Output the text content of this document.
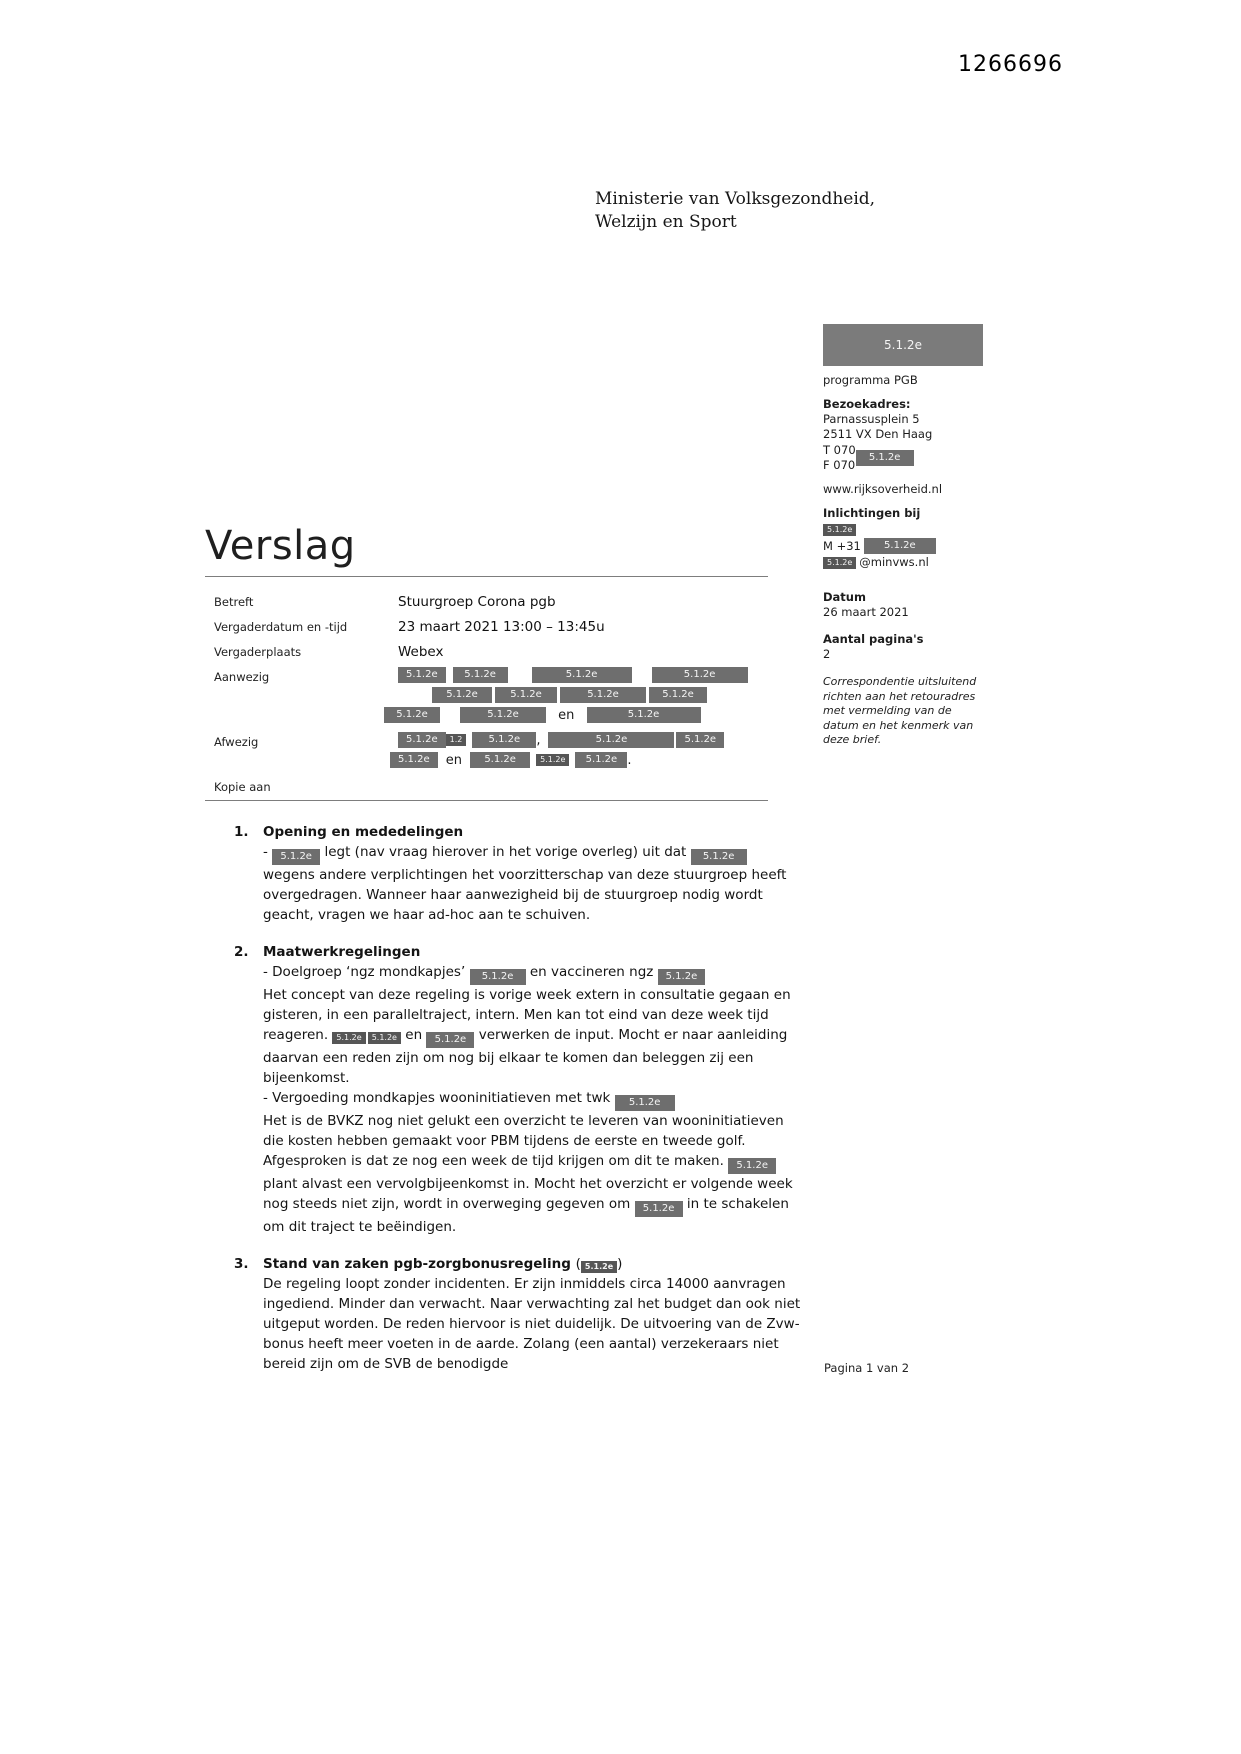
1266696
Ministerie van Volksgezondheid,
Welzijn en Sport
5.1.2e
programma PGB
Bezoekadres:
Parnassusplein 5
2511 VX Den Haag
T 070
F 070
5.1.2e
www.rijksoverheid.nl
Inlichtingen bij
5.1.2e
M +31	5.1.2e
5.1.2e @minvws.nl
Datum
26 maart 2021
Aantal pagina's
2
Correspondentie uitsluitend richten aan het retouradres met vermelding van de datum en het kenmerk van deze brief.
Verslag
Betreft	Stuurgroep Corona pgb
Vergaderdatum en -tijd	23 maart 2021 13:00 – 13:45u
Vergaderplaats	Webex
Aanwezig	5.1.2e	5.1.2e	5.1.2e	5.1.2e
5.1.2e	5.1.2e	5.1.2e	5.1.2e
5.1.2e	5.1.2e	en	5.1.2e
Afwezig	5.1.2e	1.2	5.1.2e	,	5.1.2e	5.1.2e
5.1.2e en	5.1.2e	5.1.2e	5.1.2e .
Kopie aan
1.	Opening en mededelingen
- 5.1.2e legt (nav vraag hierover in het vorige overleg) uit dat 5.1.2e wegens andere verplichtingen het voorzitterschap van deze stuurgroep heeft overgedragen. Wanneer haar aanwezigheid bij de stuurgroep nodig wordt geacht, vragen we haar ad-hoc aan te schuiven.
2.	Maatwerkregelingen
- Doelgroep ‘ngz mondkapjes’ 5.1.2e en vaccineren ngz 5.1.2e
Het concept van deze regeling is vorige week extern in consultatie gegaan en gisteren, in een paralleltraject, intern. Men kan tot eind van deze week tijd reageren. 5.1.2e 5.1.2e en 5.1.2e verwerken de input. Mocht er naar aanleiding daarvan een reden zijn om nog bij elkaar te komen dan beleggen zij een bijeenkomst.
- Vergoeding mondkapjes wooninitiatieven met twk 5.1.2e
Het is de BVKZ nog niet gelukt een overzicht te leveren van wooninitiatieven die kosten hebben gemaakt voor PBM tijdens de eerste en tweede golf. Afgesproken is dat ze nog een week de tijd krijgen om dit te maken. 5.1.2e plant alvast een vervolgbijeenkomst in. Mocht het overzicht er volgende week nog steeds niet zijn, wordt in overweging gegeven om 5.1.2e in te schakelen om dit traject te beëindigen.
3.	Stand van zaken pgb-zorgbonusregeling ( 5.1.2e )
De regeling loopt zonder incidenten. Er zijn inmiddels circa 14000 aanvragen ingediend. Minder dan verwacht. Naar verwachting zal het budget dan ook niet uitgeput worden. De reden hiervoor is niet duidelijk. De uitvoering van de Zvw-bonus heeft meer voeten in de aarde. Zolang (een aantal) verzekeraars niet bereid zijn om de SVB de benodigde	Pagina 1 van 2
